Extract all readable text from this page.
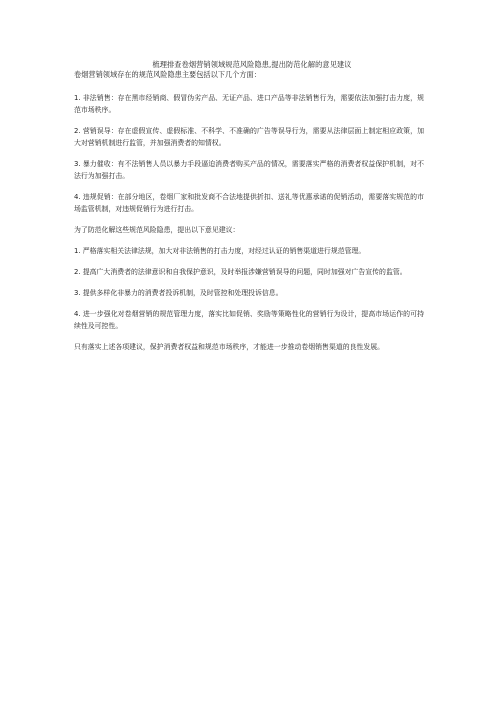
梳理排查卷烟营销领域规范风险隐患,提出防范化解的意见建议

卷烟营销领域存在的规范风险隐患主要包括以下几个方面：

1. 非法销售：存在黑市经销商、假冒伪劣产品、无证产品、进口产品等非法销售行为，需要依法加强打击力度，规范市场秩序。

2. 营销误导：存在虚假宣传、虚假标准、不科学、不准确的广告等误导行为，需要从法律层面上制定相应政策，加大对营销机制进行监管，并加强消费者的知情权。

3. 暴力催收：有不法销售人员以暴力手段逼迫消费者购买产品的情况，需要落实严格的消费者权益保护机制，对不法行为加强打击。

4. 违规促销：在部分地区，卷烟厂家和批发商不合法地提供折扣、送礼等优惠承诺的促销活动，需要落实规范的市场监管机制，对违规促销行为进行打击。

为了防范化解这些规范风险隐患，提出以下意见建议：

1. 严格落实相关法律法规，加大对非法销售的打击力度，对经过认证的销售渠道进行规范管理。

2. 提高广大消费者的法律意识和自我保护意识，及时举报涉嫌营销误导的问题，同时加强对广告宣传的监管。

3. 提供多样化非暴力的消费者投诉机制，及时管控和处理投诉信息。

4. 进一步强化对卷烟营销的规范管理力度，落实比如促销、奖励等策略性化的营销行为设计，提高市场运作的可持续性及可控性。

只有落实上述各项建议，保护消费者权益和规范市场秩序，才能进一步推动卷烟销售渠道的良性发展。
